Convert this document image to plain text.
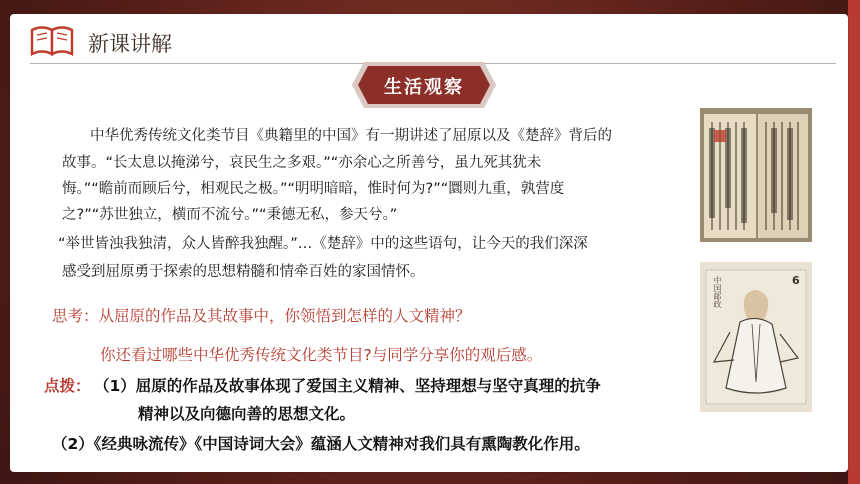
新课讲解
生活观察
中华优秀传统文化类节目《典籍里的中国》有一期讲述了屈原以及《楚辞》背后的
故事。“长太息以掩涕兮，哀民生之多艰。”“亦余心之所善兮，虽九死其犹未
悔。”“瞻前而顾后兮，相观民之极。”“明明暗暗，惟时何为?”“圜则九重，孰营度
之?”“苏世独立，横而不流兮。”“秉德无私，参天兮。”
“举世皆浊我独清，众人皆醉我独醒。”…《楚辞》中的这些语句，让今天的我们深深
感受到屈原勇于探索的思想精髓和情牵百姓的家国情怀。
思考：从屈原的作品及其故事中，你领悟到怎样的人文精神？
你还看过哪些中华优秀传统文化类节目?与同学分享你的观后感。
点拨： （1）屈原的作品及故事体现了爱国主义精神、坚持理想与坚守真理的抗争
精神以及向德向善的思想文化。
（2）《经典咏流传》《中国诗词大会》蕴涵人文精神对我们具有熏陶教化作用。
中国邮政	6
